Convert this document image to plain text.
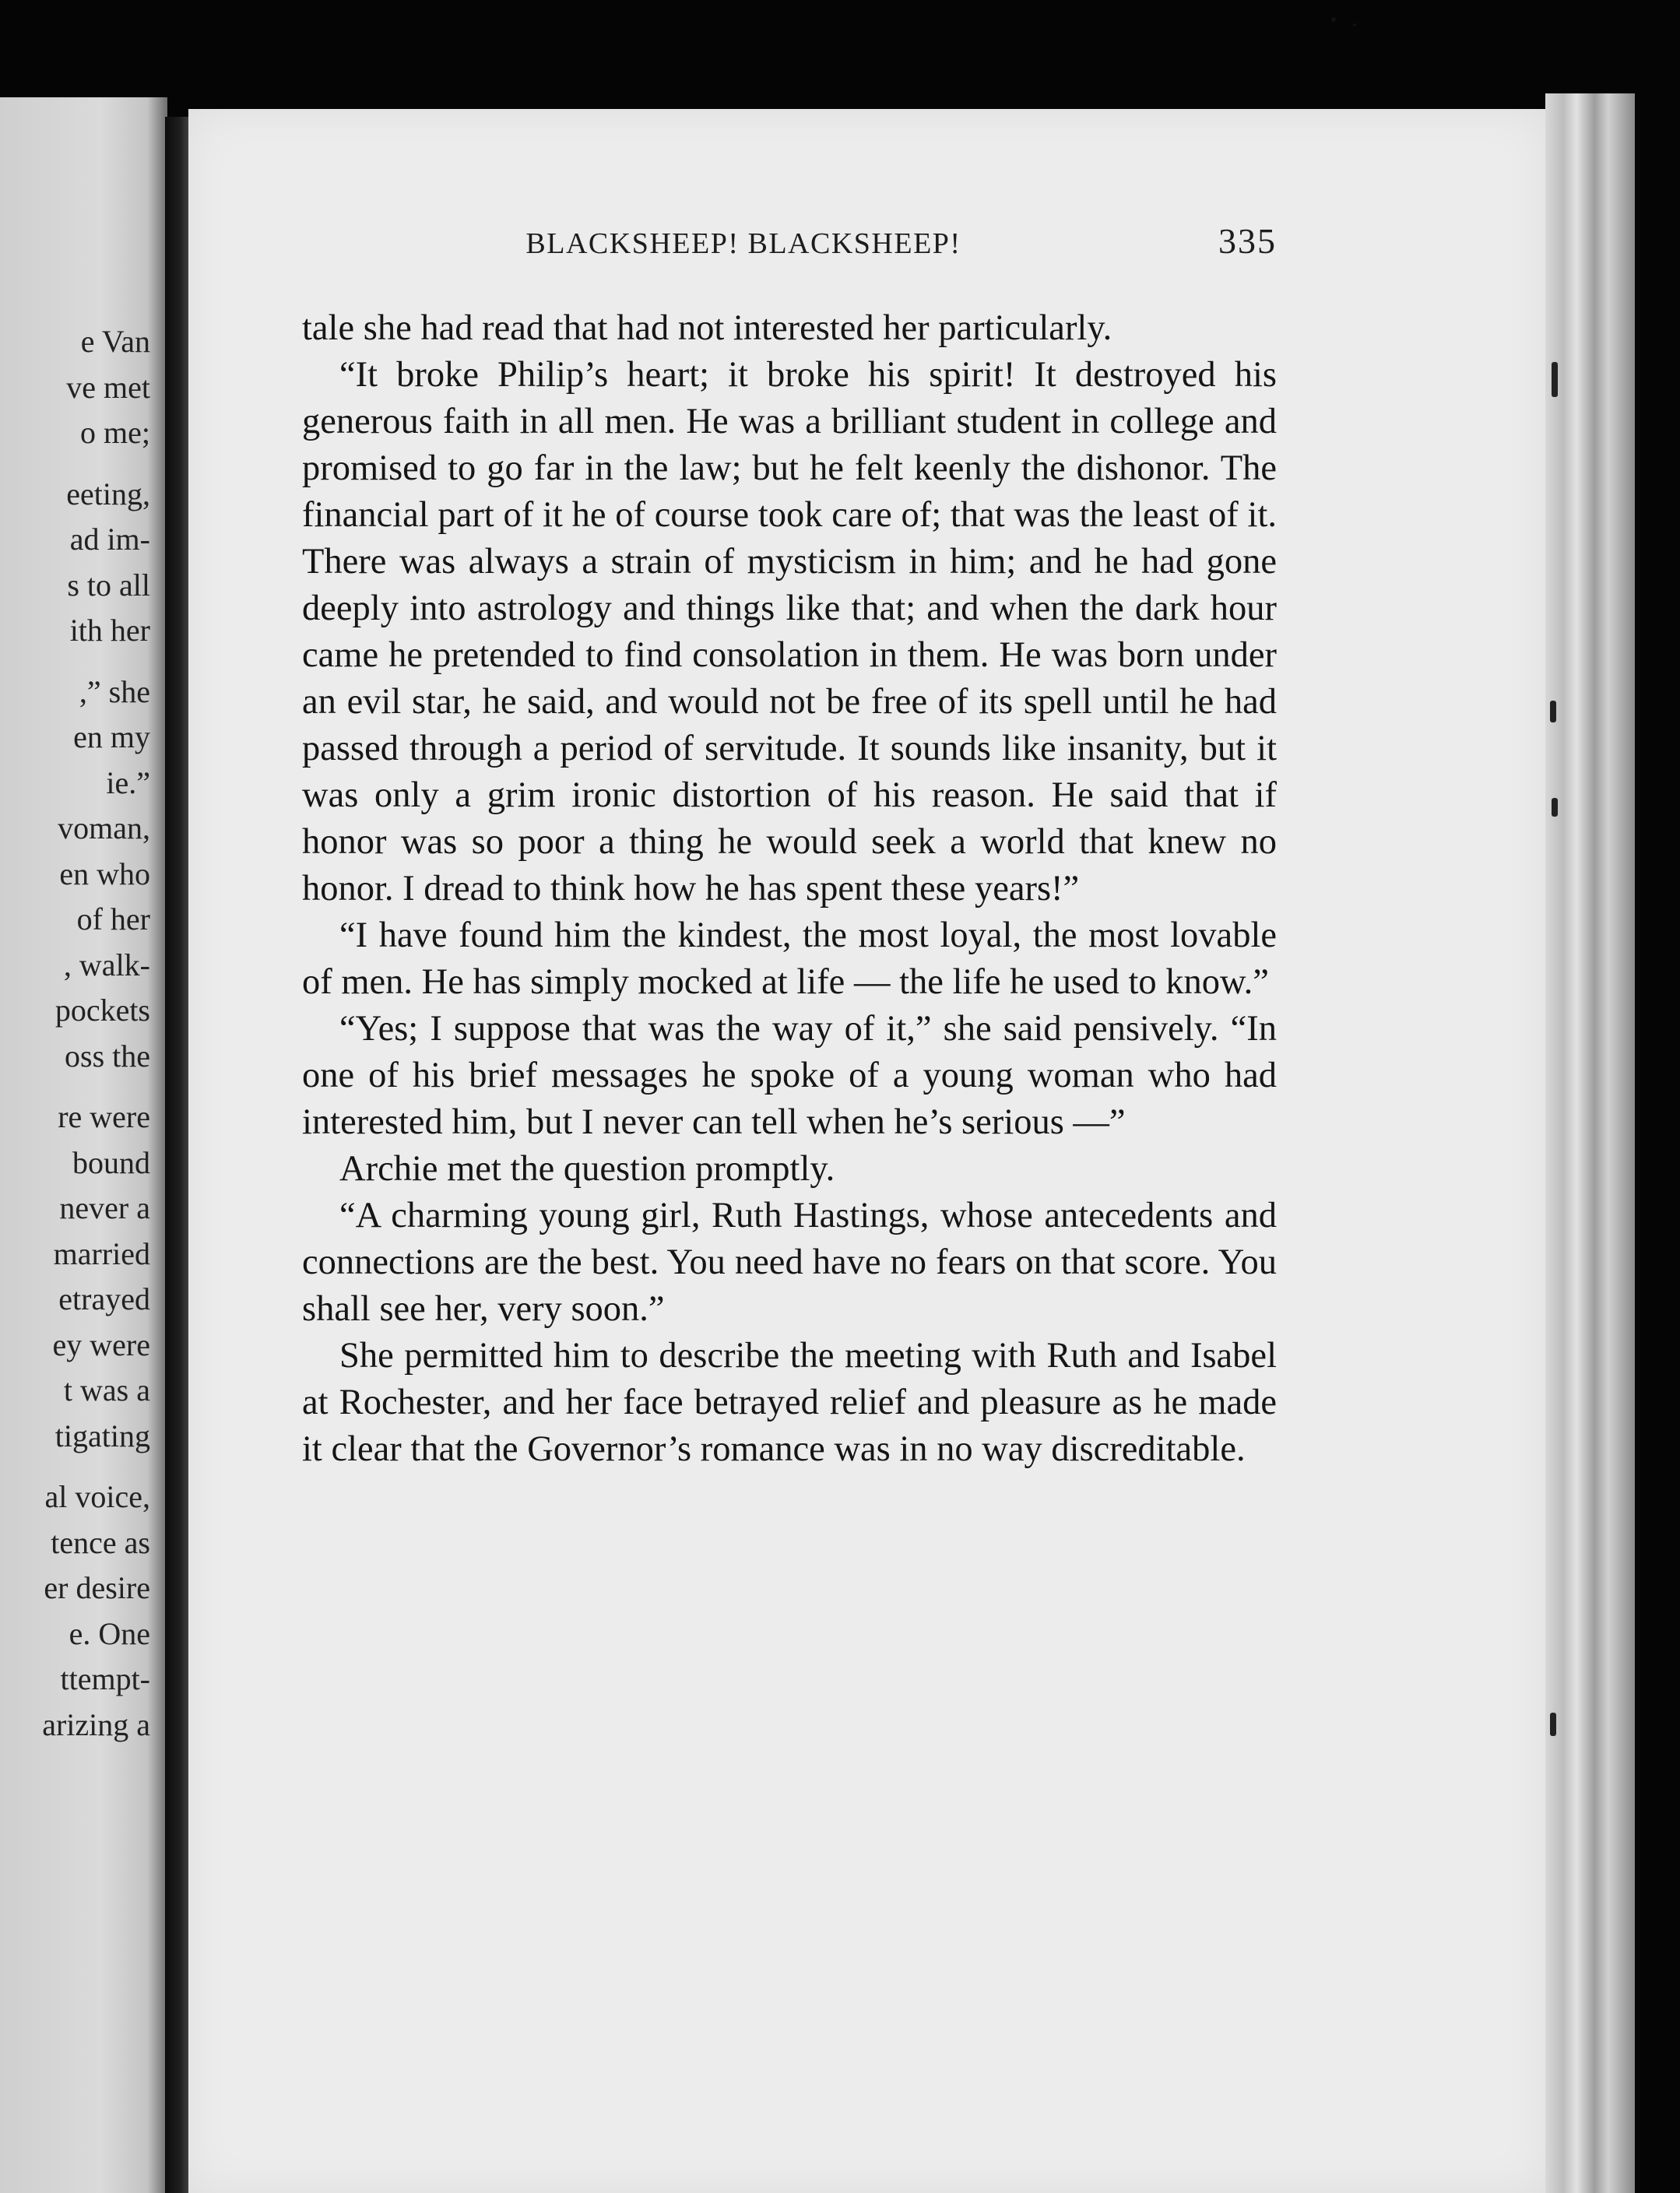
e Van
ve met
o me;
eeting,
ad im-
s to all
ith her
,” she
en my
ie.”
voman,
en who
of her
, walk-
pockets
oss the
re were
bound
never a
married
etrayed
ey were
t was a
tigating
al voice,
tence as
er desire
e. One
ttempt-
arizing a
BLACKSHEEP! BLACKSHEEP!	335

tale she had read that had not interested her particularly.

“It broke Philip’s heart; it broke his spirit! It destroyed his generous faith in all men. He was a brilliant student in college and promised to go far in the law; but he felt keenly the dishonor. The financial part of it he of course took care of; that was the least of it. There was always a strain of mysticism in him; and he had gone deeply into astrology and things like that; and when the dark hour came he pretended to find consolation in them. He was born under an evil star, he said, and would not be free of its spell until he had passed through a period of servitude. It sounds like insanity, but it was only a grim ironic distortion of his reason. He said that if honor was so poor a thing he would seek a world that knew no honor. I dread to think how he has spent these years!”

“I have found him the kindest, the most loyal, the most lovable of men. He has simply mocked at life — the life he used to know.”

“Yes; I suppose that was the way of it,” she said pensively. “In one of his brief messages he spoke of a young woman who had interested him, but I never can tell when he’s serious —”

Archie met the question promptly.

“A charming young girl, Ruth Hastings, whose antecedents and connections are the best. You need have no fears on that score. You shall see her, very soon.”

She permitted him to describe the meeting with Ruth and Isabel at Rochester, and her face betrayed relief and pleasure as he made it clear that the Governor’s romance was in no way discreditable.
